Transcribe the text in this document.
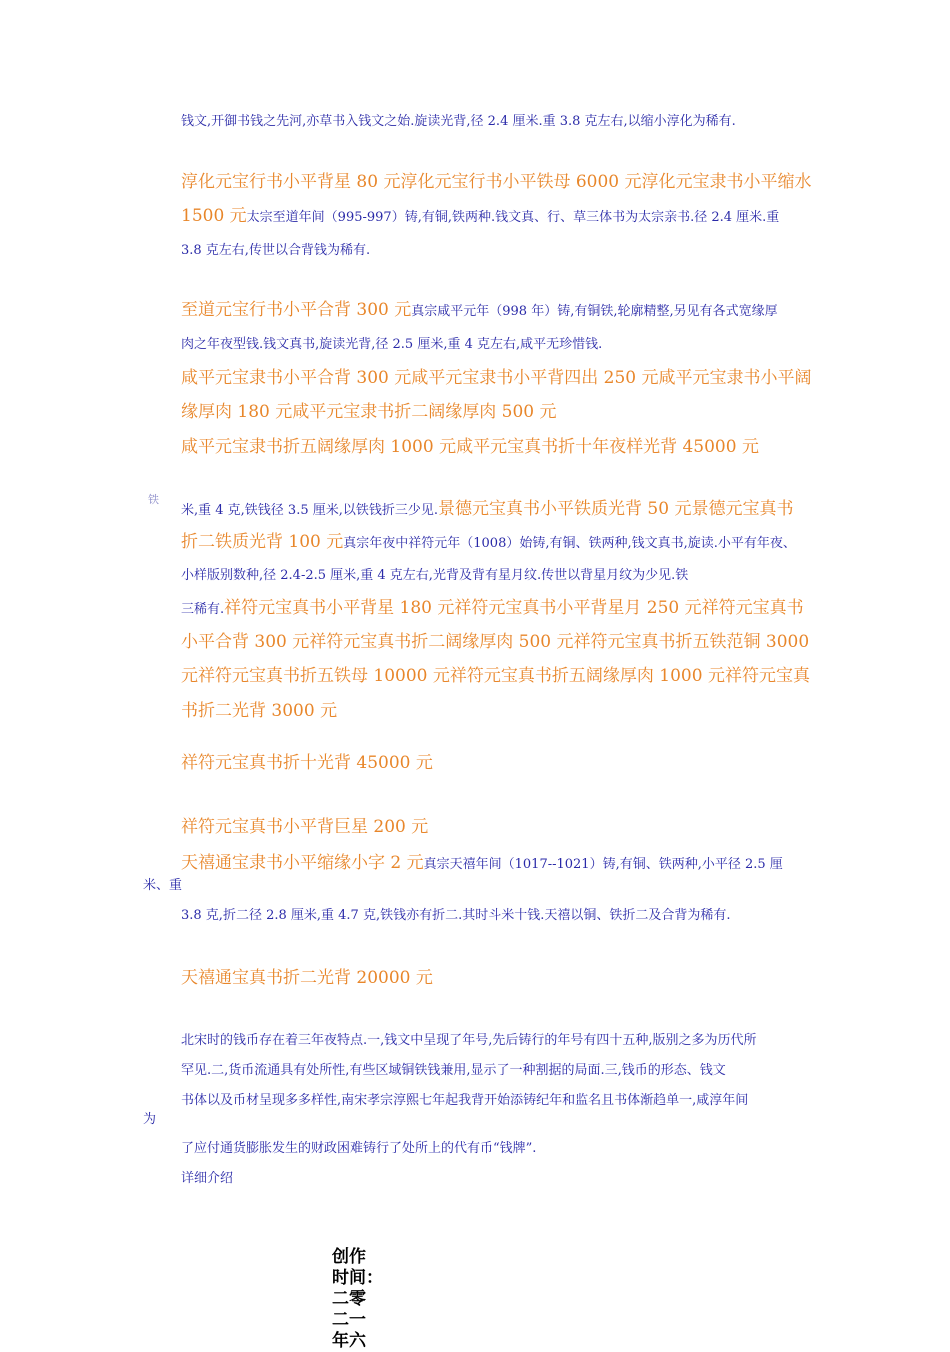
钱文,开御书钱之先河,亦草书入钱文之始.旋读光背,径 2.4 厘米.重 3.8 克左右,以缩小淳化为稀有.
淳化元宝行书小平背星 80 元淳化元宝行书小平铁母 6000 元淳化元宝隶书小平缩水
1500 元太宗至道年间（995-997）铸,有铜,铁两种.钱文真、行、草三体书为太宗亲书.径 2.4 厘米.重
3.8 克左右,传世以合背钱为稀有.
至道元宝行书小平合背 300 元真宗咸平元年（998 年）铸,有铜铁,轮廓精整,另见有各式宽缘厚
肉之年夜型钱.钱文真书,旋读光背,径 2.5 厘米,重 4 克左右,咸平无珍惜钱.
咸平元宝隶书小平合背 300 元咸平元宝隶书小平背四出 250 元咸平元宝隶书小平阔
缘厚肉 180 元咸平元宝隶书折二阔缘厚肉 500 元
咸平元宝隶书折五阔缘厚肉 1000 元咸平元宝真书折十年夜样光背 45000 元
铁
米,重 4 克,铁钱径 3.5 厘米,以铁钱折三少见.景德元宝真书小平铁质光背 50 元景德元宝真书
折二铁质光背 100 元真宗年夜中祥符元年（1008）始铸,有铜、铁两种,钱文真书,旋读.小平有年夜、
小样版别数种,径 2.4-2.5 厘米,重 4 克左右,光背及背有星月纹.传世以背星月纹为少见.铁
三稀有.祥符元宝真书小平背星 180 元祥符元宝真书小平背星月 250 元祥符元宝真书
小平合背 300 元祥符元宝真书折二阔缘厚肉 500 元祥符元宝真书折五铁范铜 3000
元祥符元宝真书折五铁母 10000 元祥符元宝真书折五阔缘厚肉 1000 元祥符元宝真
书折二光背 3000 元
祥符元宝真书折十光背 45000 元
祥符元宝真书小平背巨星 200 元
天禧通宝隶书小平缩缘小字 2 元真宗天禧年间（1017--1021）铸,有铜、铁两种,小平径 2.5 厘
米、重
3.8 克,折二径 2.8 厘米,重 4.7 克,铁钱亦有折二.其时斗米十钱.天禧以铜、铁折二及合背为稀有.
天禧通宝真书折二光背 20000 元
北宋时的钱币存在着三年夜特点.一,钱文中呈现了年号,先后铸行的年号有四十五种,版别之多为历代所
罕见.二,货币流通具有处所性,有些区域铜铁钱兼用,显示了一种割据的局面.三,钱币的形态、钱文
书体以及币材呈现多多样性,南宋孝宗淳熙七年起我背开始添铸纪年和监名且书体渐趋单一,咸淳年间
为
了应付通货膨胀发生的财政困难铸行了处所上的代有币“钱牌”.
详细介绍
创作
时间：
二零
二一
年六
